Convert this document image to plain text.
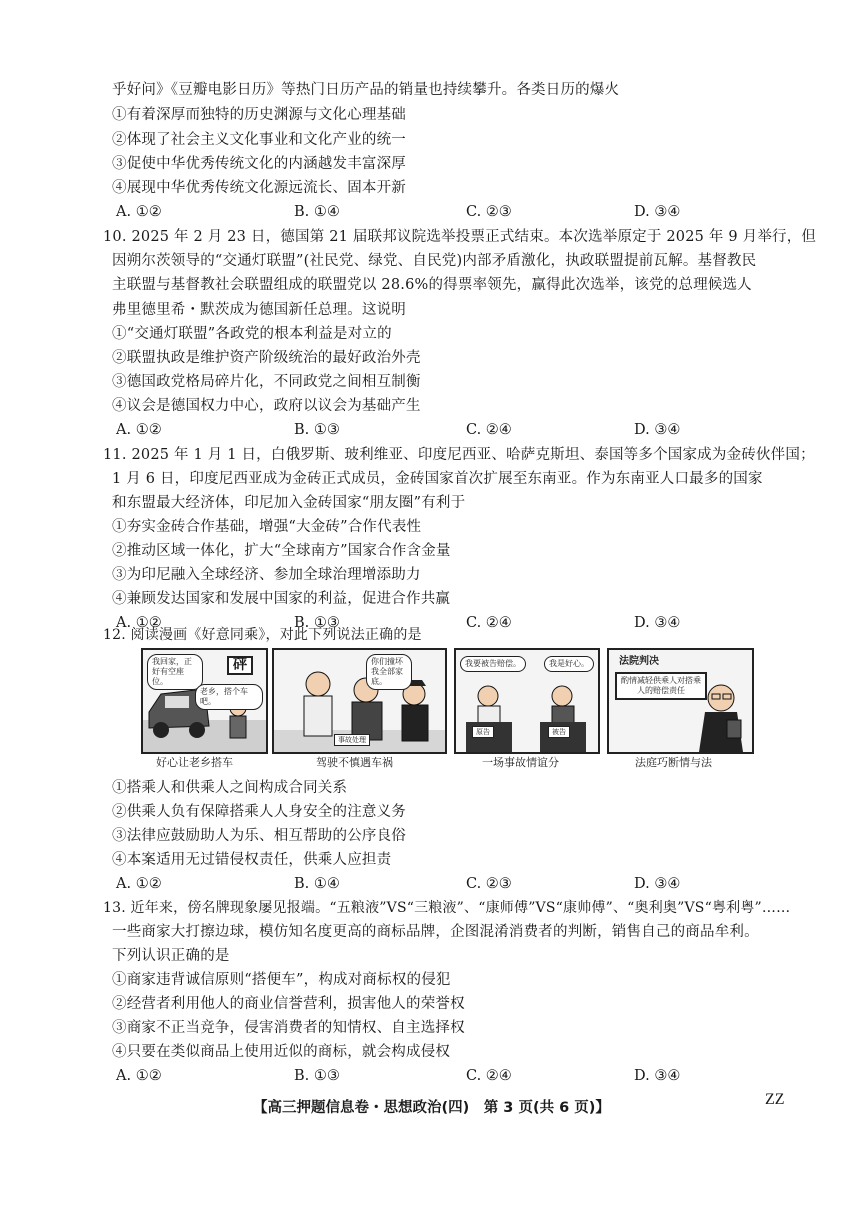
乎好问》《豆瓣电影日历》等热门日历产品的销量也持续攀升。各类日历的爆火
①有着深厚而独特的历史渊源与文化心理基础
②体现了社会主义文化事业和文化产业的统一
③促使中华优秀传统文化的内涵越发丰富深厚
④展现中华优秀传统文化源远流长、固本开新
A. ①②	B. ①④	C. ②③	D. ③④
10. 2025 年 2 月 23 日，德国第 21 届联邦议院选举投票正式结束。本次选举原定于 2025 年 9 月举行，但
因朔尔茨领导的“交通灯联盟”(社民党、绿党、自民党)内部矛盾激化，执政联盟提前瓦解。基督教民
主联盟与基督教社会联盟组成的联盟党以 28.6%的得票率领先，赢得此次选举，该党的总理候选人
弗里德里希・默茨成为德国新任总理。这说明
①“交通灯联盟”各政党的根本利益是对立的
②联盟执政是维护资产阶级统治的最好政治外壳
③德国政党格局碎片化，不同政党之间相互制衡
④议会是德国权力中心，政府以议会为基础产生
A. ①②	B. ①③	C. ②④	D. ③④
11. 2025 年 1 月 1 日，白俄罗斯、玻利维亚、印度尼西亚、哈萨克斯坦、泰国等多个国家成为金砖伙伴国；
1 月 6 日，印度尼西亚成为金砖正式成员，金砖国家首次扩展至东南亚。作为东南亚人口最多的国家
和东盟最大经济体，印尼加入金砖国家“朋友圈”有利于
①夯实金砖合作基础，增强“大金砖”合作代表性
②推动区域一体化，扩大“全球南方”国家合作含金量
③为印尼融入全球经济、参加全球治理增添助力
④兼顾发达国家和发展中国家的利益，促进合作共赢
A. ①②	B. ①③	C. ②④	D. ③④
12. 阅读漫画《好意同乘》，对此下列说法正确的是
我回家，正好有空座位。
老乡，搭个车吧。
砰	你们撞坏我全部家底。
事故处理
我要被告赔偿。	我是好心。
原告	被告
法院判决
酌情减轻供乘人对搭乘人的赔偿责任
好心让老乡搭车	驾驶不慎遇车祸	一场事故情谊分	法庭巧断情与法
①搭乘人和供乘人之间构成合同关系
②供乘人负有保障搭乘人人身安全的注意义务
③法律应鼓励助人为乐、相互帮助的公序良俗
④本案适用无过错侵权责任，供乘人应担责
A. ①②	B. ①④	C. ②③	D. ③④
13. 近年来，傍名牌现象屡见报端。“五粮液”VS“三粮液”、“康师傅”VS“康帅傅”、“奥利奥”VS“粤利粤”……
一些商家大打擦边球，模仿知名度更高的商标品牌，企图混淆消费者的判断，销售自己的商品牟利。
下列认识正确的是
①商家违背诚信原则“搭便车”，构成对商标权的侵犯
②经营者利用他人的商业信誉营利，损害他人的荣誉权
③商家不正当竞争，侵害消费者的知情权、自主选择权
④只要在类似商品上使用近似的商标，就会构成侵权
A. ①②	B. ①③	C. ②④	D. ③④
【高三押题信息卷・思想政治(四)　第 3 页(共 6 页)】	ZZ
